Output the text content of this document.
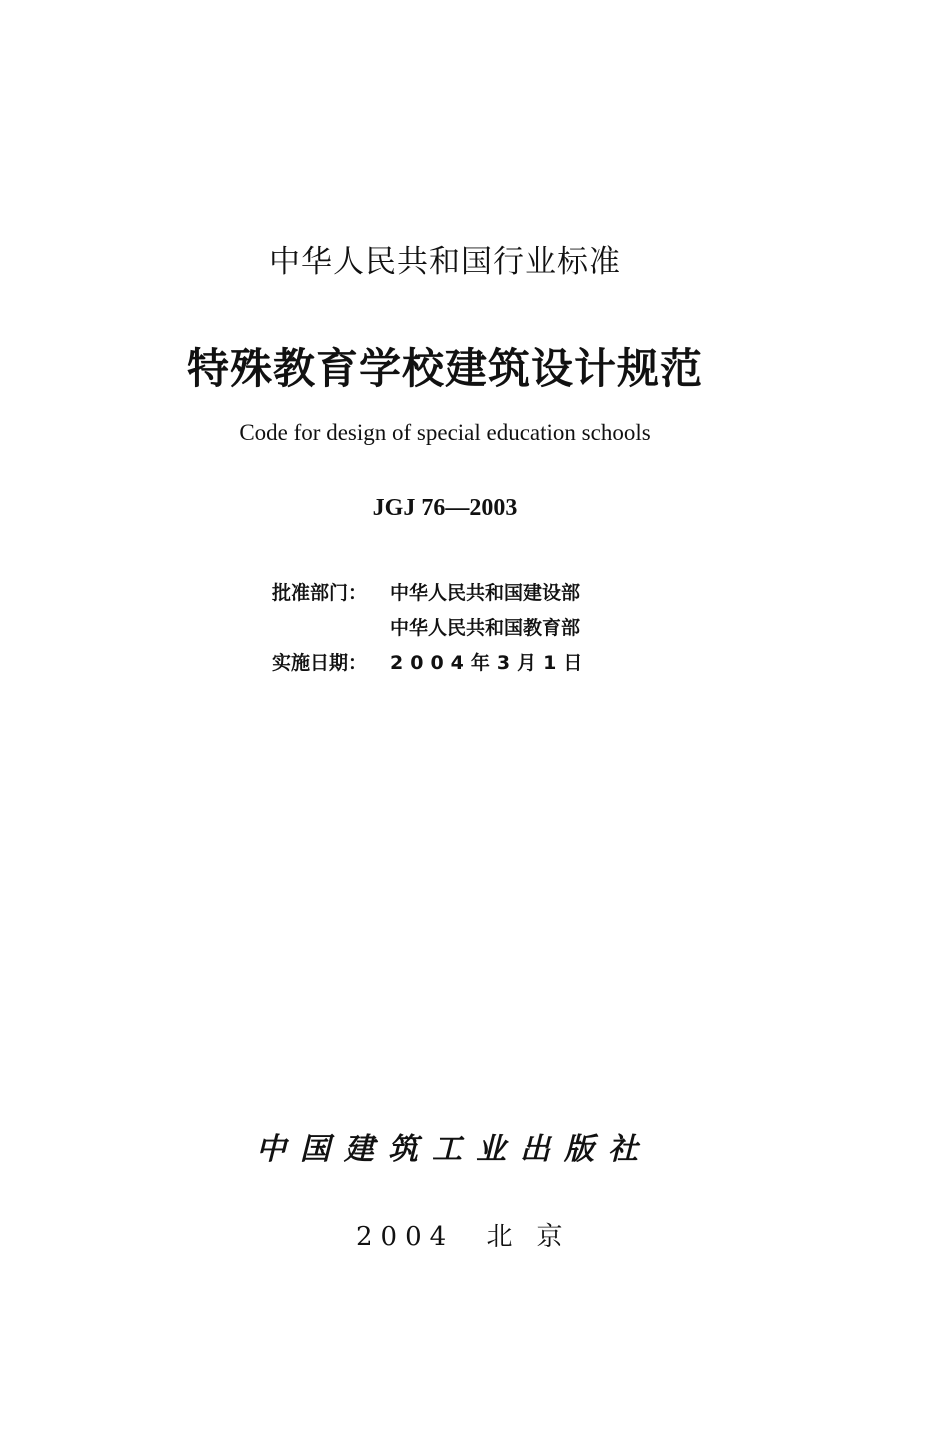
中华人民共和国行业标准
特殊教育学校建筑设计规范
Code for design of special education schools
JGJ 76—2003
批准部门：	中华人民共和国建设部
中华人民共和国教育部
实施日期：	2004年3月1日
中国建筑工业出版社
2004 北京
